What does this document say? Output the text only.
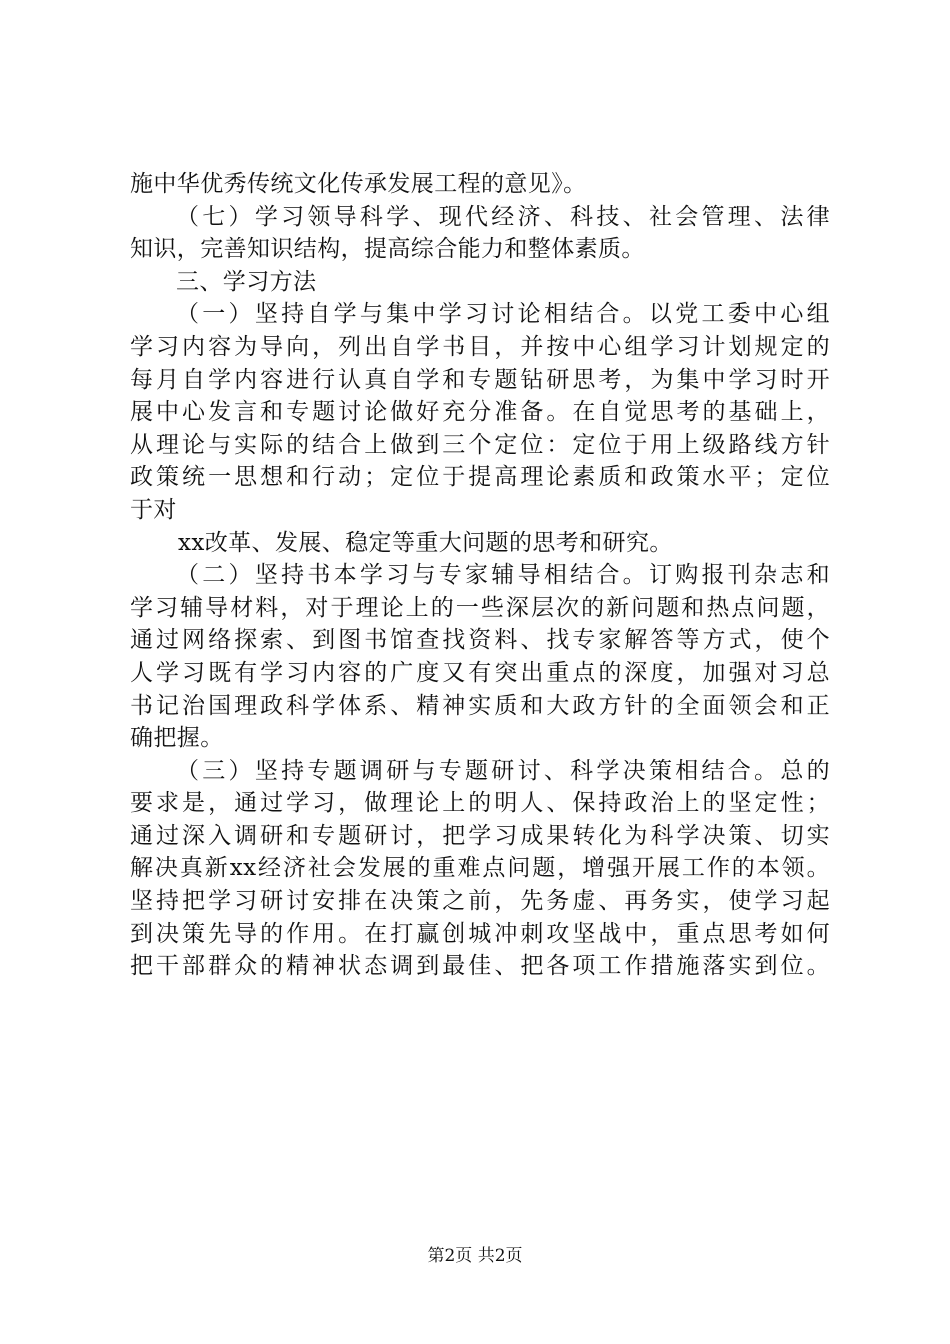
施中华优秀传统文化传承发展工程的意见》。
（七）学习领导科学、现代经济、科技、社会管理、法律
知识，完善知识结构，提高综合能力和整体素质。
三、学习方法
（一）坚持自学与集中学习讨论相结合。以党工委中心组
学习内容为导向，列出自学书目，并按中心组学习计划规定的
每月自学内容进行认真自学和专题钻研思考，为集中学习时开
展中心发言和专题讨论做好充分准备。在自觉思考的基础上，
从理论与实际的结合上做到三个定位：定位于用上级路线方针
政策统一思想和行动；定位于提高理论素质和政策水平；定位
于对
xx改革、发展、稳定等重大问题的思考和研究。
（二）坚持书本学习与专家辅导相结合。订购报刊杂志和
学习辅导材料，对于理论上的一些深层次的新问题和热点问题，
通过网络探索、到图书馆查找资料、找专家解答等方式，使个
人学习既有学习内容的广度又有突出重点的深度，加强对习总
书记治国理政科学体系、精神实质和大政方针的全面领会和正
确把握。
（三）坚持专题调研与专题研讨、科学决策相结合。总的
要求是，通过学习，做理论上的明人、保持政治上的坚定性；
通过深入调研和专题研讨，把学习成果转化为科学决策、切实
解决真新xx经济社会发展的重难点问题，增强开展工作的本领。
坚持把学习研讨安排在决策之前，先务虚、再务实，使学习起
到决策先导的作用。在打赢创城冲刺攻坚战中，重点思考如何
把干部群众的精神状态调到最佳、把各项工作措施落实到位。
第2页 共2页
